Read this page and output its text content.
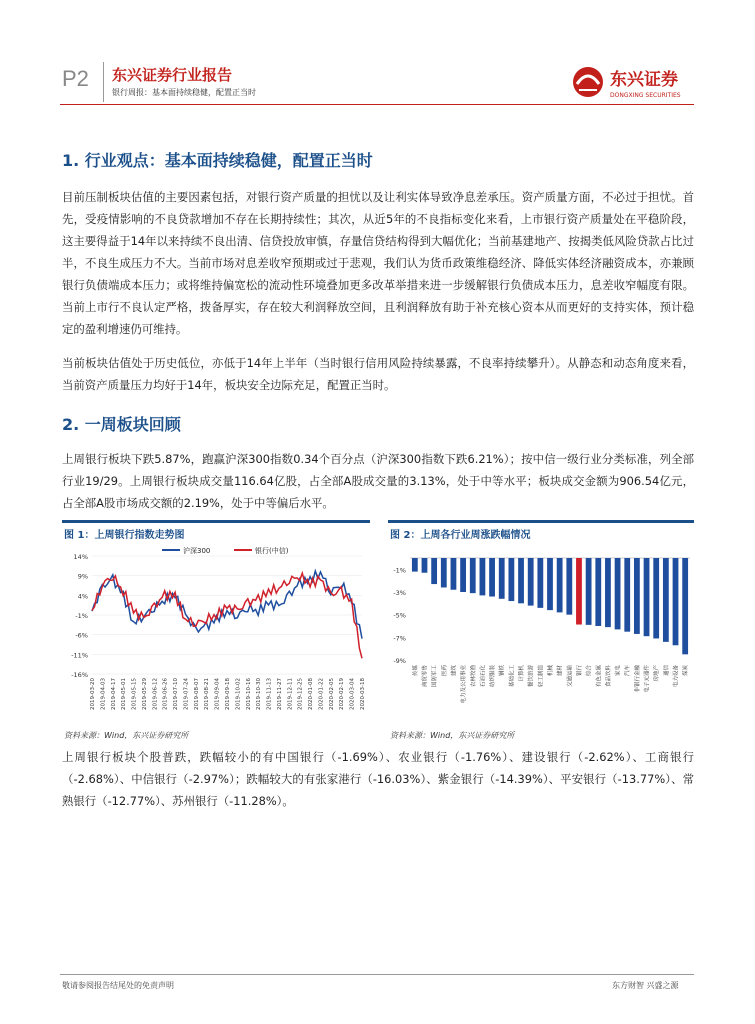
P2 东兴证券行业报告
银行周报：基本面持续稳健，配置正当时
东兴证券
DONGXING SECURITIES
1. 行业观点：基本面持续稳健，配置正当时
目前压制板块估值的主要因素包括，对银行资产质量的担忧以及让利实体导致净息差承压。资产质量方面，不必过于担忧。首先，受疫情影响的不良贷款增加不存在长期持续性；其次，从近5年的不良指标变化来看，上市银行资产质量处在平稳阶段，这主要得益于14年以来持续不良出清、信贷投放审慎，存量信贷结构得到大幅优化；当前基建地产、按揭类低风险贷款占比过半，不良生成压力不大。当前市场对息差收窄预期或过于悲观，我们认为货币政策维稳经济、降低实体经济融资成本，亦兼顾银行负债端成本压力；或将维持偏宽松的流动性环境叠加更多改革举措来进一步缓解银行负债成本压力，息差收窄幅度有限。当前上市行不良认定严格，拨备厚实，存在较大利润释放空间，且利润释放有助于补充核心资本从而更好的支持实体，预计稳定的盈利增速仍可维持。
当前板块估值处于历史低位，亦低于14年上半年（当时银行信用风险持续暴露，不良率持续攀升）。从静态和动态角度来看，当前资产质量压力均好于14年，板块安全边际充足，配置正当时。
2. 一周板块回顾
上周银行板块下跌5.87%，跑赢沪深300指数0.34个百分点（沪深300指数下跌6.21%）；按中信一级行业分类标准，列全部行业19/29。上周银行板块成交量116.64亿股，占全部A股成交量的3.13%，处于中等水平；板块成交金额为906.54亿元，占全部A股市场成交额的2.19%，处于中等偏后水平。
图 1：上周银行指数走势图
14%
9%
4%
-1%
-6%
-11%
-16%
2019-03-20 2019-04-03 2019-04-17 2019-05-01 2019-05-15 2019-05-29 2019-06-12 2019-06-26 2019-07-10 2019-07-24 2019-08-07 2019-08-21 2019-09-04 2019-09-18 2019-10-02 2019-10-16 2019-10-30 2019-11-13 2019-11-27 2019-12-11 2019-12-25 2020-01-08 2020-01-22 2020-02-05 2020-02-19 2020-03-04 2020-03-18
沪深300	银行(中信)
资料来源：Wind，东兴证券研究所
图 2：上周各行业周涨跌幅情况
-1%
-3%
-5%
-7%
-9%
传媒 商贸零售 国防军工 医药 建筑 电力及公用事业 农林牧渔 石油石化 纺织服装 钢铁 基础化工 计算机 餐饮旅游 轻工制造 机械 建材 交通运输 银行 综合 有色金属 食品饮料 家电 汽车 非银行金融 电子元器件 房地产 通信 电力设备 煤炭
资料来源：Wind，东兴证券研究所
上周银行板块个股普跌，跌幅较小的有中国银行（-1.69%）、农业银行（-1.76%）、建设银行（-2.62%）、工商银行（-2.68%）、中信银行（-2.97%）；跌幅较大的有张家港行（-16.03%）、紫金银行（-14.39%）、平安银行（-13.77%）、常熟银行（-12.77%）、苏州银行（-11.28%）。
敬请参阅报告结尾处的免责声明	东方财智 兴盛之源
